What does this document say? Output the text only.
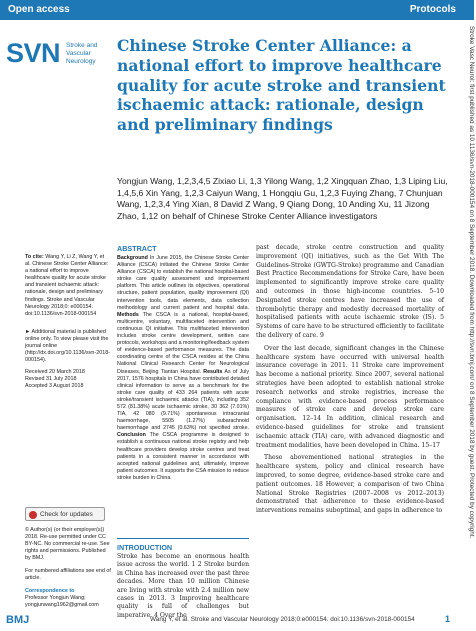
Open access	Protocols
SVN Stroke and Vascular Neurology
Chinese Stroke Center Alliance: a national effort to improve healthcare quality for acute stroke and transient ischaemic attack: rationale, design and preliminary findings

Yongjun Wang, 1,2,3,4,5 Zixiao Li, 1,3 Yilong Wang, 1,2 Xingquan Zhao, 1,3 Liping Liu, 1,4,5,6 Xin Yang, 1,2,3 Caiyun Wang, 1 Hongqiu Gu, 1,2,3 Fuying Zhang, 7 Chunjuan Wang, 1,2,3,4 Ying Xian, 8 David Z Wang, 9 Qiang Dong, 10 Anding Xu, 11 Jizong Zhao, 1,12 on behalf of Chinese Stroke Center Alliance investigators

To cite: Wang Y, Li Z, Wang Y, et al. Chinese Stroke Center Alliance: a national effort to improve healthcare quality for acute stroke and transient ischaemic attack: rationale, design and preliminary findings. Stroke and Vascular Neurology 2018;0: e000154. doi:10.1136/svn-2018-000154

► Additional material is published online only. To view please visit the journal online (http://dx.doi.org/10.1136/svn-2018-000154).

Received 20 March 2018
Revised 31 July 2018
Accepted 3 August 2018

Check for updates

© Author(s) (or their employer(s)) 2018. Re-use permitted under CC BY-NC. No commercial re-use. See rights and permissions. Published by BMJ.

For numbered affiliations see end of article.

Correspondence to
Professor Yongjun Wang;
yongjunwang1962@gmail.com

ABSTRACT

Background In June 2015, the Chinese Stroke Center Alliance (CSCA) initiated the Chinese Stroke Center Alliance (CSCA) to establish the national hospital-based stroke care quality assessment and improvement platform. This article outlines its objectives, operational structure, patient population, quality improvement (QI) intervention tools, data elements, data collection methodology and current patient and hospital data. Methods The CSCA is a national, hospital-based, multicentre, voluntary, multifaceted intervention and continuous QI initiative. This multifaceted intervention includes stroke centre development, written care protocols, workshops and a monitoring/feedback system of evidence-based performance measures. The data coordinating centre of the CSCA resides at the China National Clinical Research Center for Neurological Diseases, Beijing Tiantan Hospital. Results As of July 2017, 1576 hospitals in China have contributed detailed clinical information to serve as a benchmark for the stroke care quality of 433 264 patients with acute stroke/transient ischaemic attacks (TIA), including 352 572 (81.38%) acute ischaemic stroke, 30 362 (7.01%) TIA, 42 080 (9.71%) spontaneous intracranial haemorrhage, 5505 (1.27%) subarachnoid haemorrhage and 2745 (0.63%) not specified stroke. Conclusion The CSCA programme is designed to establish a continuous national stroke registry and help healthcare providers develop stroke centres and treat patients in a consistent manner in accordance with accepted national guidelines and, ultimately, improve patient outcomes. It supports the CSA mission to reduce stroke burden in China.

INTRODUCTION

Stroke has become an enormous health issue across the world. 1 2 Stroke burden in China has increased over the past three decades. More than 10 million Chinese are living with stroke with 2.4 million new cases in 2013. 3 Improving healthcare quality is full of challenges but imperative. 4 Over the

past decade, stroke centre construction and quality improvement (QI) initiatives, such as the Get With The Guidelines-Stroke (GWTG-Stroke) programme and Canadian Best Practice Recommendations for Stroke Care, have been implemented to significantly improve stroke care quality and outcomes in those high-income countries. 5–10 Designated stroke centres have increased the use of thrombolytic therapy and modestly decreased mortality of hospitalised patients with acute ischaemic stroke (IS). 5 Systems of care have to be structured efficiently to facilitate the delivery of care. 9

Over the last decade, significant changes in the Chinese healthcare system have occurred with universal health insurance coverage in 2011. 11 Stroke care improvement has become a national priority. Since 2007, several national strategies have been adopted to establish national stroke research networks and stroke registries, increase the compliance with evidence-based process performance measures of stroke care and develop stroke care organisation. 12–14 In addition, clinical research and evidence-based guidelines for stroke and transient ischaemic attack (TIA) care, with advanced diagnostic and treatment modalities, have been developed in China. 15–17

These abovementioned national strategies in the healthcare system, policy and clinical research have improved, to some degree, evidence-based stroke care and patient outcomes. 18 However, a comparison of two China National Stroke Registries (2007–2008 vs 2012–2013) demonstrated that adherence to these evidence-based interventions remains suboptimal, and gaps in adherence to

BMJ	Wang Y, et al. Stroke and Vascular Neurology 2018;0:e000154. doi:10.1136/svn-2018-000154	1
Stroke Vasc Neurol: first published as 10.1136/svn-2018-000154 on 8 September 2018. Downloaded from http://svn.bmj.com/ on 8 September 2018 by guest. Protected by copyright.
